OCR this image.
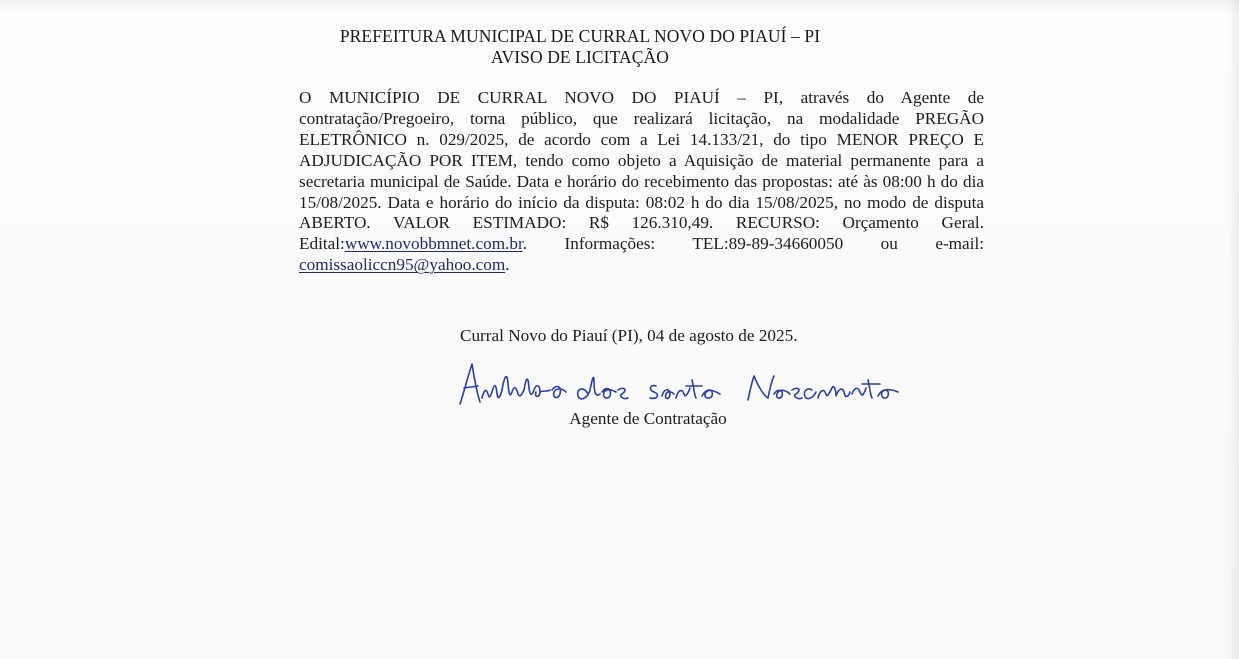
PREFEITURA MUNICIPAL DE CURRAL NOVO DO PIAUÍ – PI
AVISO DE LICITAÇÃO
O MUNICÍPIO DE CURRAL NOVO DO PIAUÍ – PI, através do Agente de contratação/Pregoeiro, torna público, que realizará licitação, na modalidade PREGÃO ELETRÔNICO n. 029/2025, de acordo com a Lei 14.133/21, do tipo MENOR PREÇO E ADJUDICAÇÃO POR ITEM, tendo como objeto a Aquisição de material permanente para a secretaria municipal de Saúde. Data e horário do recebimento das propostas: até às 08:00 h do dia 15/08/2025. Data e horário do início da disputa: 08:02 h do dia 15/08/2025, no modo de disputa ABERTO. VALOR ESTIMADO: R$ 126.310,49. RECURSO: Orçamento Geral. Edital:www.novobbmnet.com.br. Informações: TEL:89-89-34660050 ou e-mail: comissaoliccn95@yahoo.com.
Curral Novo do Piauí (PI), 04 de agosto de 2025.
Agente de Contratação
